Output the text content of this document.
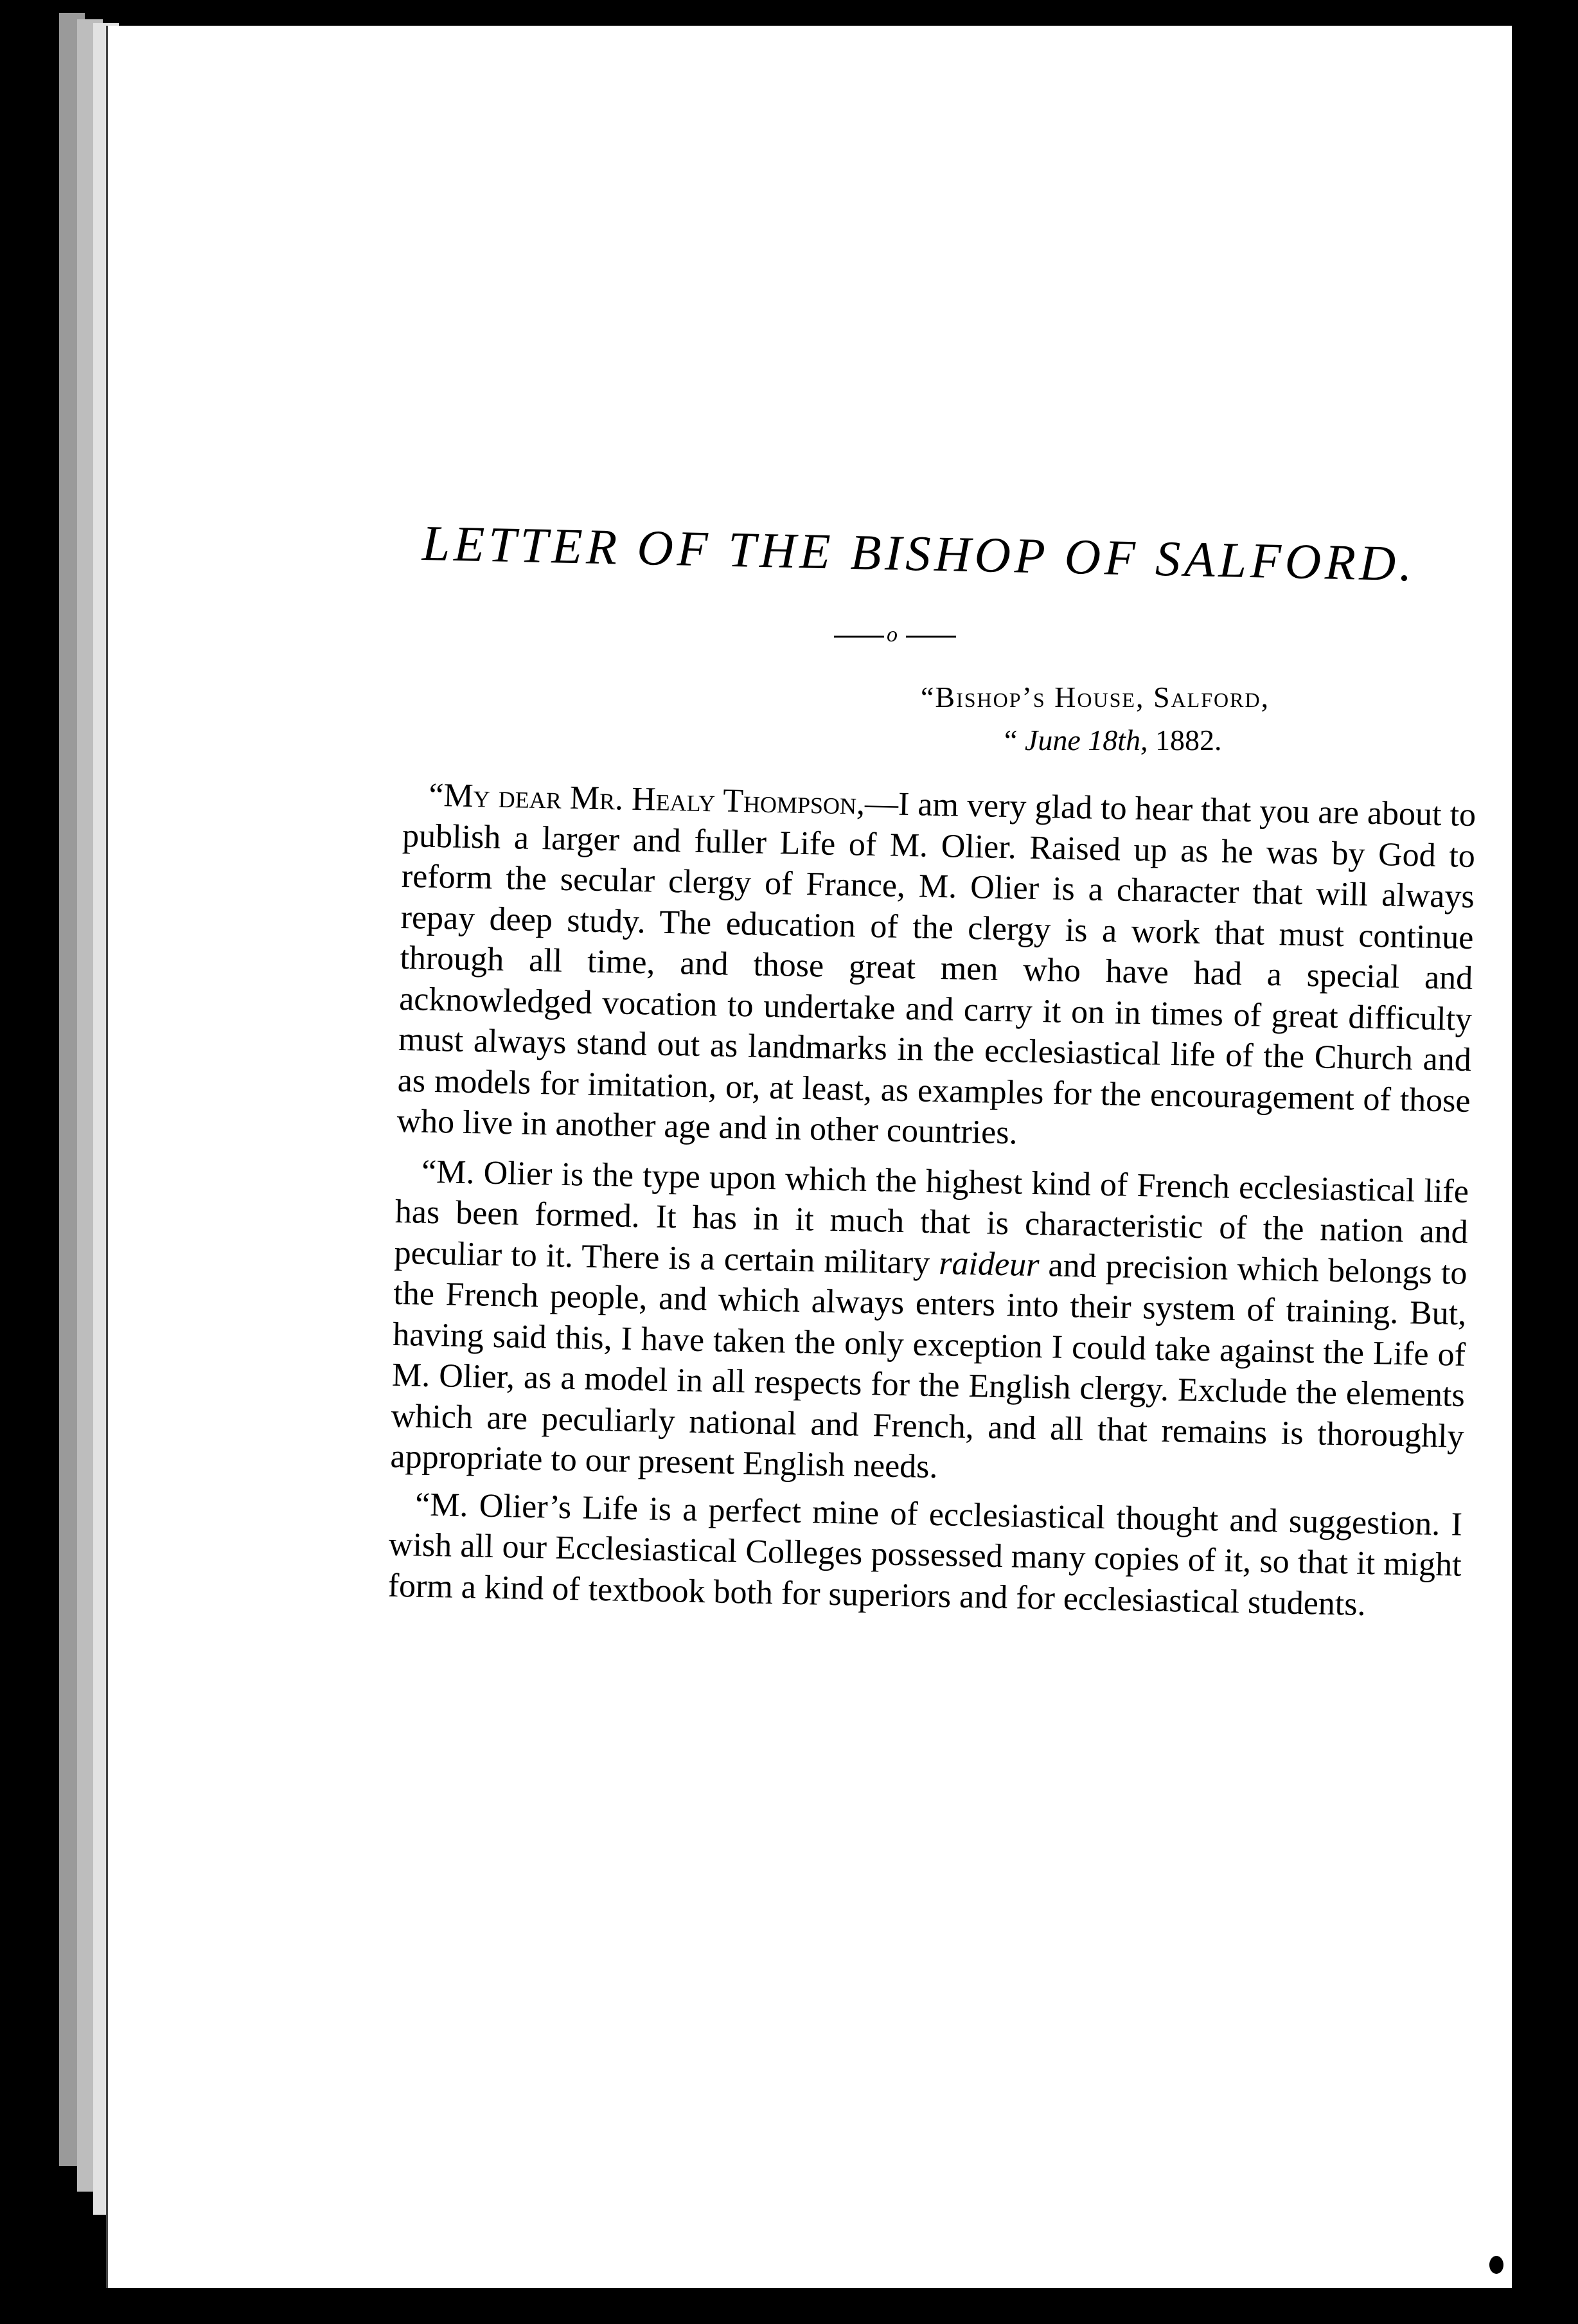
LETTER OF THE BISHOP OF SALFORD.
o
“Bishop’s House, Salford,
“ June 18th, 1882.

“My dear Mr. Healy Thompson,—I am very glad to hear that you are about to publish a larger and fuller Life of M. Olier. Raised up as he was by God to reform the secular clergy of France, M. Olier is a character that will always repay deep study. The education of the clergy is a work that must continue through all time, and those great men who have had a special and acknowledged vocation to undertake and carry it on in times of great difficulty must always stand out as landmarks in the ecclesiastical life of the Church and as models for imitation, or, at least, as examples for the encouragement of those who live in another age and in other countries.

“M. Olier is the type upon which the highest kind of French ecclesiastical life has been formed. It has in it much that is characteristic of the nation and peculiar to it. There is a certain military raideur and precision which belongs to the French people, and which always enters into their system of training. But, having said this, I have taken the only exception I could take against the Life of M. Olier, as a model in all respects for the English clergy. Exclude the elements which are peculiarly national and French, and all that remains is thoroughly appropriate to our present English needs.

“M. Olier’s Life is a perfect mine of ecclesiastical thought and suggestion. I wish all our Ecclesiastical Colleges possessed many copies of it, so that it might form a kind of textbook both for superiors and for ecclesiastical students.
